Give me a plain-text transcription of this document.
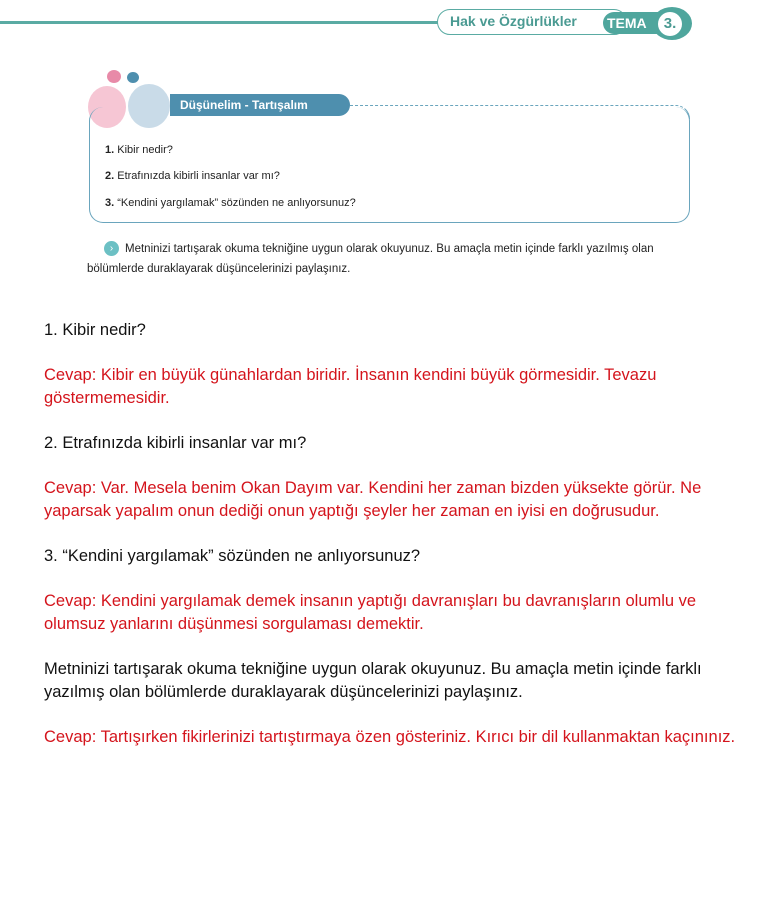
Hak ve Özgürlükler	TEMA	3.
Düşünelim - Tartışalım
1. Kibir nedir?
2. Etrafınızda kibirli insanlar var mı?
3. “Kendini yargılamak” sözünden ne anlıyorsunuz?
›	Metninizi tartışarak okuma tekniğine uygun olarak okuyunuz. Bu amaçla metin içinde farklı yazılmış olan bölümlerde duraklayarak düşüncelerinizi paylaşınız.
1. Kibir nedir?
Cevap: Kibir en büyük günahlardan biridir. İnsanın kendini büyük görmesidir. Tevazu göstermemesidir.
2. Etrafınızda kibirli insanlar var mı?
Cevap: Var. Mesela benim Okan Dayım var. Kendini her zaman bizden yüksekte görür. Ne yaparsak yapalım onun dediği onun yaptığı şeyler her zaman en iyisi en doğrusudur.
3. “Kendini yargılamak” sözünden ne anlıyorsunuz?
Cevap: Kendini yargılamak demek insanın yaptığı davranışları bu davranışların olumlu ve olumsuz yanlarını düşünmesi sorgulaması demektir.
Metninizi tartışarak okuma tekniğine uygun olarak okuyunuz. Bu amaçla metin içinde farklı yazılmış olan bölümlerde duraklayarak düşüncelerinizi paylaşınız.
Cevap: Tartışırken fikirlerinizi tartıştırmaya özen gösteriniz. Kırıcı bir dil kullanmaktan kaçınınız.
